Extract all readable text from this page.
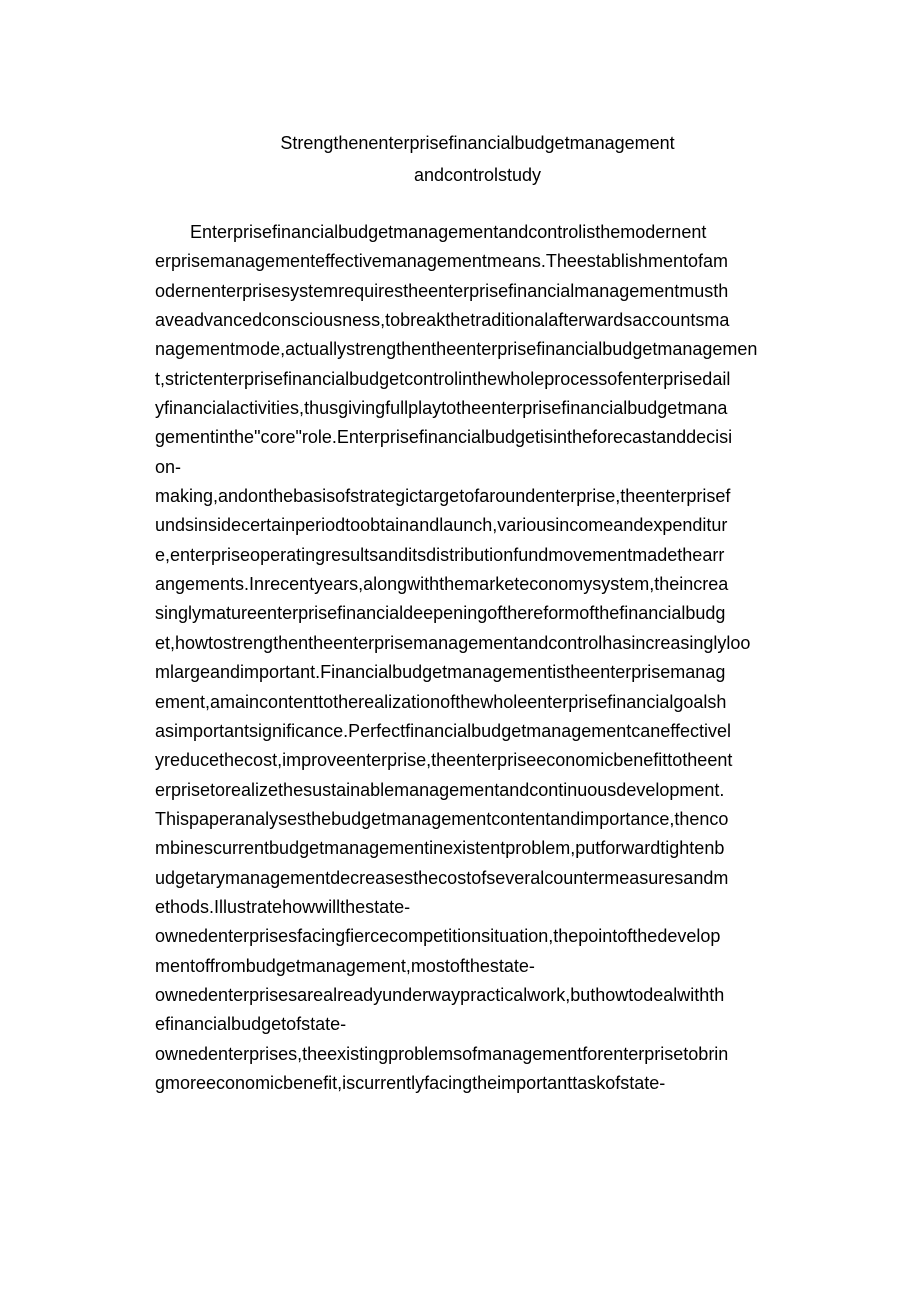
Strengthenenterprisefinancialbudgetmanagement
andcontrolstudy
Enterprisefinancialbudgetmanagementandcontrolisthemodernent
erprisemanagementeffectivemanagementmeans.Theestablishmentofam
odernenterprisesystemrequirestheenterprisefinancialmanagementmusth
aveadvancedconsciousness,tobreakthetraditionalafterwardsaccountsma
nagementmode,actuallystrengthentheenterprisefinancialbudgetmanagemen
t,strictenterprisefinancialbudgetcontrolinthewholeprocessofenterprisedail
yfinancialactivities,thusgivingfullplaytotheenterprisefinancialbudgetmana
gementinthe"core"role.Enterprisefinancialbudgetisintheforecastanddecisi
on-
making,andonthebasisofstrategictargetofaroundenterprise,theenterprisef
undsinsidecertainperiodtoobtainandlaunch,variousincomeandexpenditur
e,enterpriseoperatingresultsanditsdistributionfundmovementmadethearr
angements.Inrecentyears,alongwiththemarketeconomysystem,theincrea
singlymatureenterprisefinancialdeepeningofthereformofthefinancialbudg
et,howtostrengthentheenterprisemanagementandcontrolhasincreasinglyloo
mlargeandimportant.Financialbudgetmanagementistheenterprisemanag
ement,amaincontenttotherealizationofthewholeenterprisefinancialgoalsh
asimportantsignificance.Perfectfinancialbudgetmanagementcaneffectivel
yreducethecost,improveenterprise,theenterpriseeconomicbenefittotheent
erprisetorealizethesustainablemanagementandcontinuousdevelopment.
Thispaperanalysesthebudgetmanagementcontentandimportance,thenco
mbinescurrentbudgetmanagementinexistentproblem,putforwardtightenb
udgetarymanagementdecreasesthecostofseveralcountermeasuresandm
ethods.Illustratehowwillthestate-
ownedenterprisesfacingfiercecompetitionsituation,thepointofthedevelop
mentoffrombudgetmanagement,mostofthestate-
ownedenterprisesarealreadyunderwaypracticalwork,buthowtodealwithth
efinancialbudgetofstate-
ownedenterprises,theexistingproblemsofmanagementforenterprisetobrin
gmoreeconomicbenefit,iscurrentlyfacingtheimportanttaskofstate-
